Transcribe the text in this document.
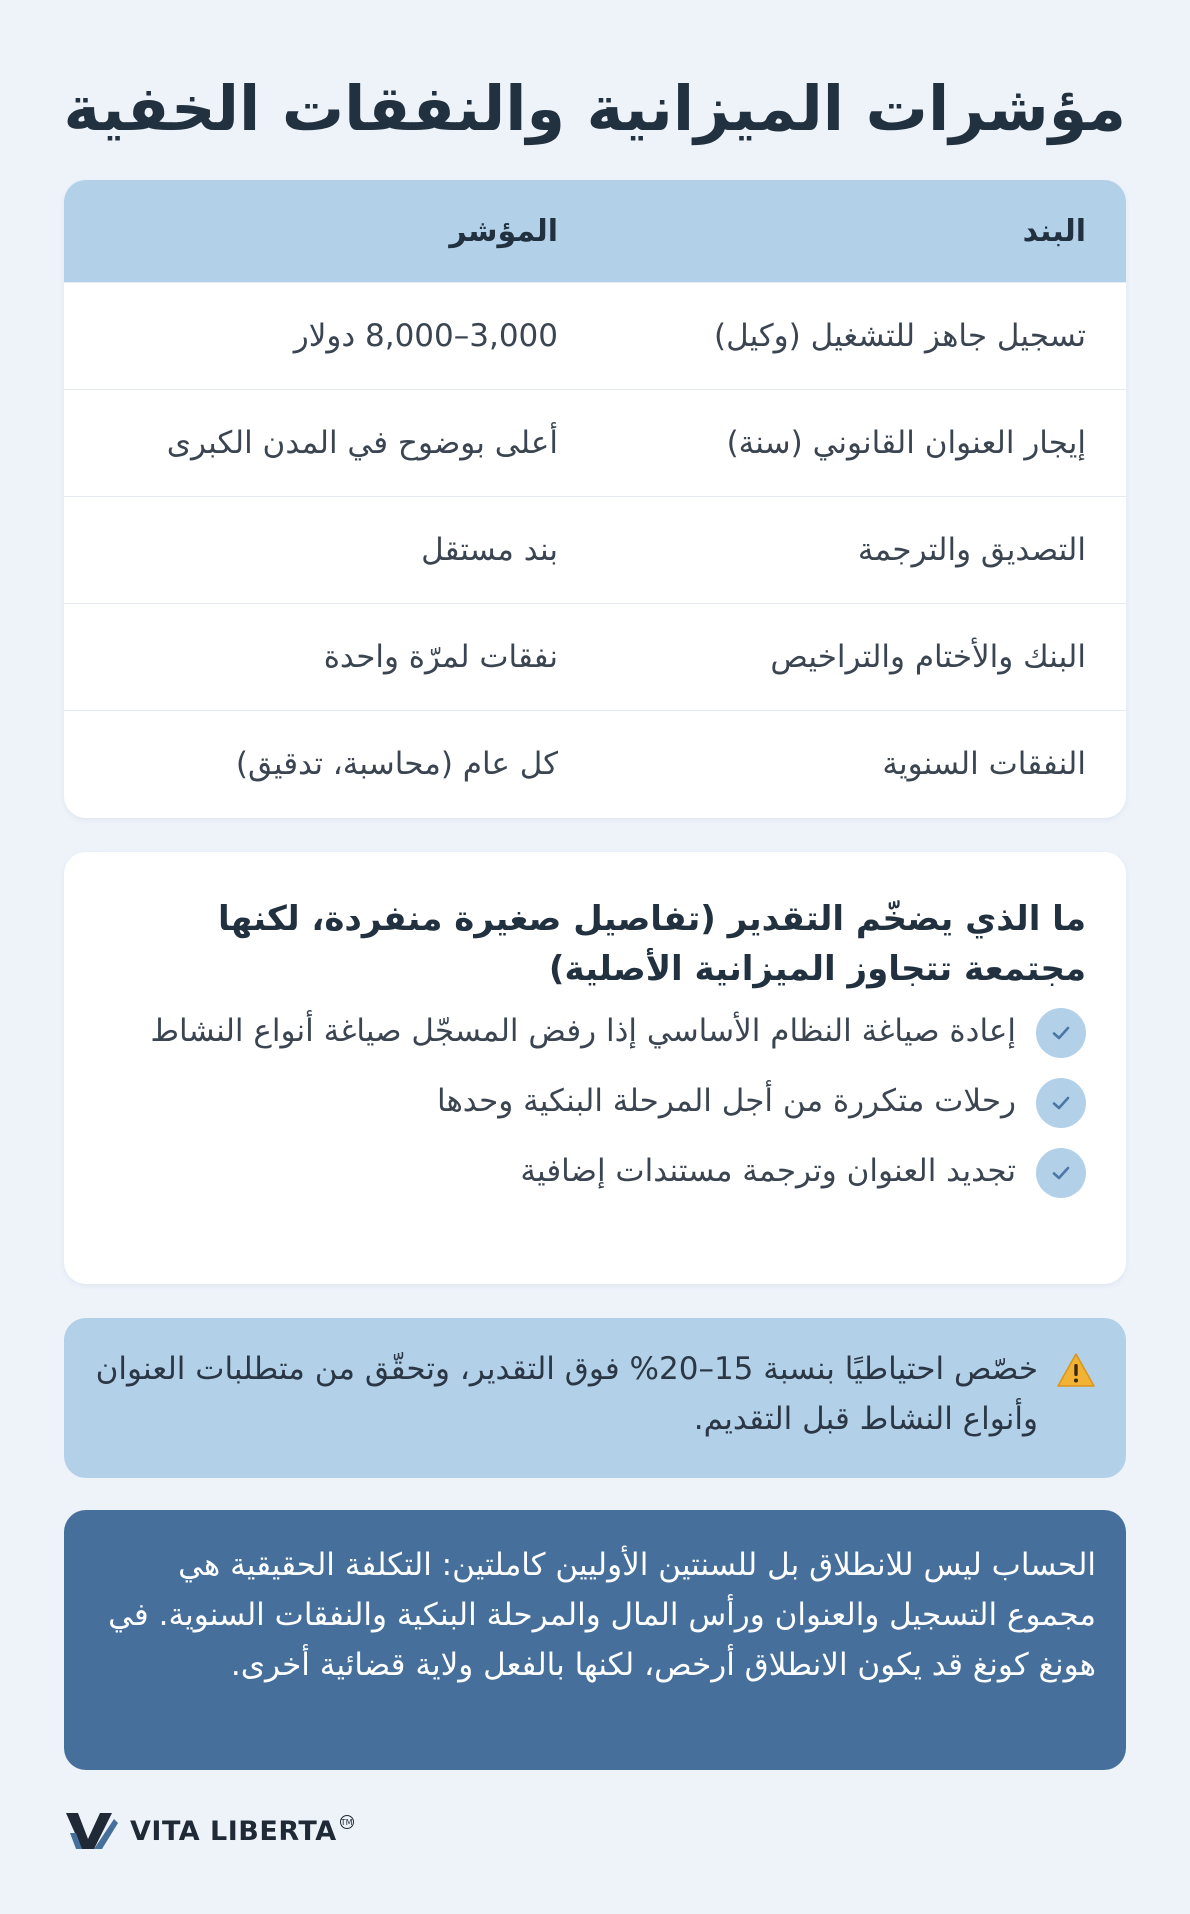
مؤشرات الميزانية والنفقات الخفية
البند
المؤشر
تسجيل جاهز للتشغيل (وكيل)
3,000–8,000 دولار
إيجار العنوان القانوني (سنة)
أعلى بوضوح في المدن الكبرى
التصديق والترجمة
بند مستقل
البنك والأختام والتراخيص
نفقات لمرّة واحدة
النفقات السنوية
كل عام (محاسبة، تدقيق)
ما الذي يضخّم التقدير (تفاصيل صغيرة منفردة، لكنها مجتمعة تتجاوز الميزانية الأصلية)
إعادة صياغة النظام الأساسي إذا رفض المسجّل صياغة أنواع النشاط
رحلات متكررة من أجل المرحلة البنكية وحدها
تجديد العنوان وترجمة مستندات إضافية

خصّص احتياطيًا بنسبة 15–20% فوق التقدير، وتحقّق من متطلبات العنوان وأنواع النشاط قبل التقديم.

الحساب ليس للانطلاق بل للسنتين الأوليين كاملتين: التكلفة الحقيقية هي مجموع التسجيل والعنوان ورأس المال والمرحلة البنكية والنفقات السنوية. في هونغ كونغ قد يكون الانطلاق أرخص، لكنها بالفعل ولاية قضائية أخرى.

VITA LIBERTA TM
